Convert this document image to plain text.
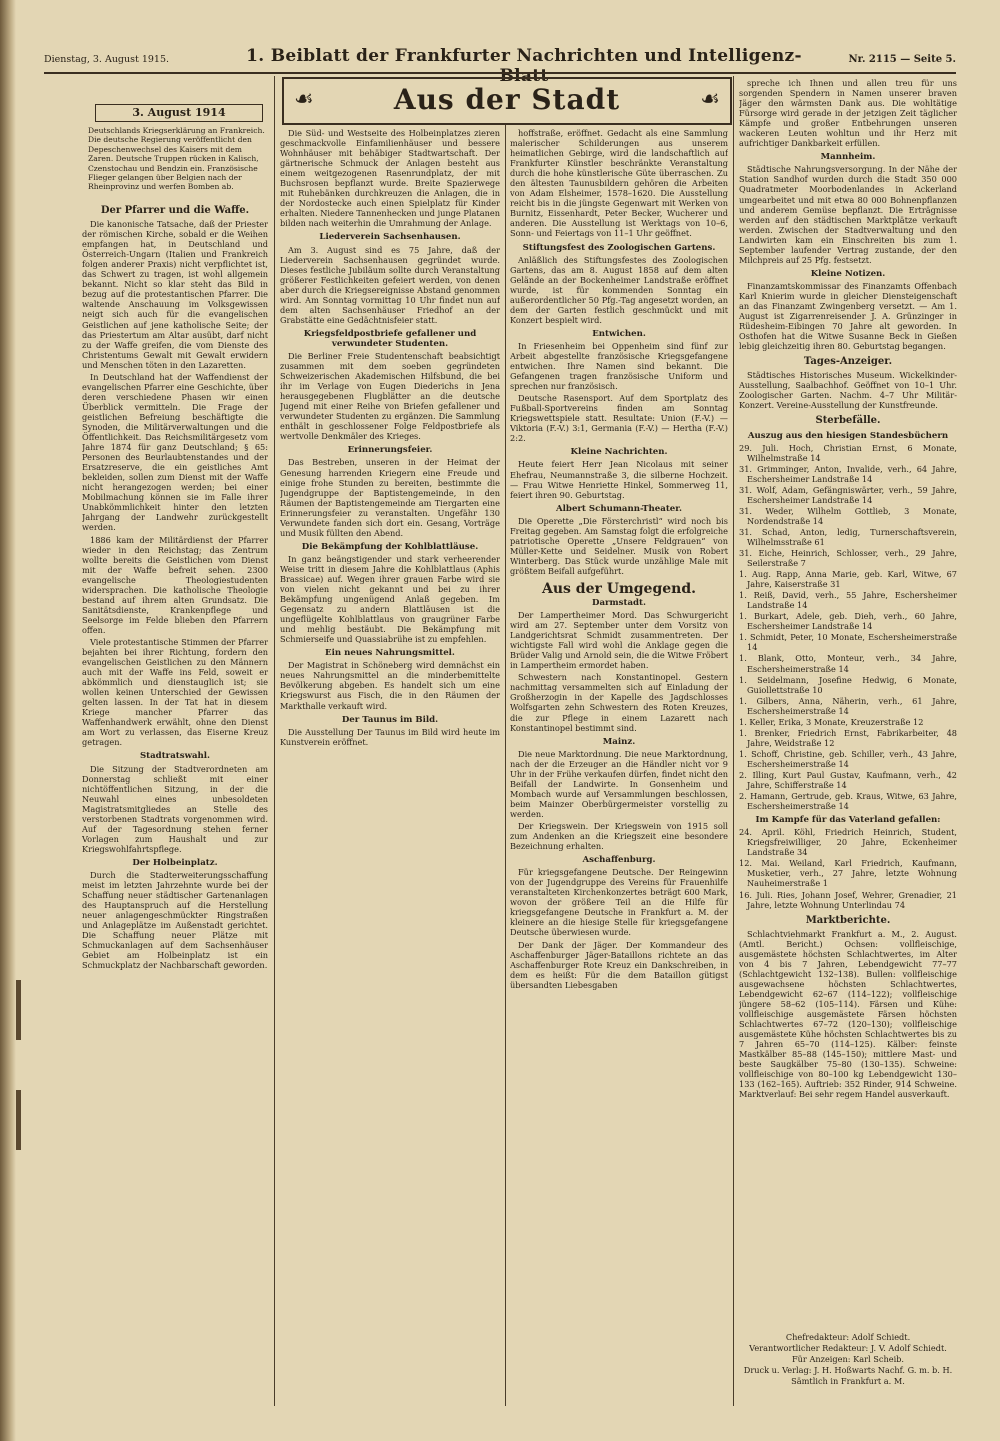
Dienstag, 3. August 1915.	1. Beiblatt der Frankfurter Nachrichten und Intelligenz-Blatt
Nr. 2115 — Seite 5.
3. August 1914
Deutschlands Kriegserklärung an Frankreich. Die deutsche Regierung veröffentlicht den Depeschenwechsel des Kaisers mit dem Zaren. Deutsche Truppen rücken in Kalisch, Czenstochau und Bendzin ein. Französische Flieger gelangen über Belgien nach der Rheinprovinz und werfen Bomben ab.
☙	Aus der Stadt	☙
Der Pfarrer und die Waffe.

Die kanonische Tatsache, daß der Priester der römischen Kirche, sobald er die Weihen empfangen hat, in Deutschland und Österreich-Ungarn (Italien und Frankreich folgen anderer Praxis) nicht verpflichtet ist, das Schwert zu tragen, ist wohl allgemein bekannt. Nicht so klar steht das Bild in bezug auf die protestantischen Pfarrer. Die waltende Anschauung im Volksgewissen neigt sich auch für die evangelischen Geistlichen auf jene katholische Seite; der das Priestertum am Altar ausübt, darf nicht zu der Waffe greifen, die vom Dienste des Christentums Gewalt mit Gewalt erwidern und Menschen töten in den Lazaretten.

In Deutschland hat der Waffendienst der evangelischen Pfarrer eine Geschichte, über deren verschiedene Phasen wir einen Überblick vermitteln. Die Frage der geistlichen Befreiung beschäftigte die Synoden, die Militärverwaltungen und die Öffentlichkeit. Das Reichsmilitärgesetz vom Jahre 1874 für ganz Deutschland; § 65: Personen des Beurlaubtenstandes und der Ersatzreserve, die ein geistliches Amt bekleiden, sollen zum Dienst mit der Waffe nicht herangezogen werden; bei einer Mobilmachung können sie im Falle ihrer Unabkömmlichkeit hinter den letzten Jahrgang der Landwehr zurückgestellt werden.

1886 kam der Militärdienst der Pfarrer wieder in den Reichstag; das Zentrum wollte bereits die Geistlichen vom Dienst mit der Waffe befreit sehen. 2300 evangelische Theologiestudenten widersprachen. Die katholische Theologie bestand auf ihrem alten Grundsatz. Die Sanitätsdienste, Krankenpflege und Seelsorge im Felde blieben den Pfarrern offen.

Viele protestantische Stimmen der Pfarrer bejahten bei ihrer Richtung, fordern den evangelischen Geistlichen zu den Männern auch mit der Waffe ins Feld, soweit er abkömmlich und dienstauglich ist; sie wollen keinen Unterschied der Gewissen gelten lassen. In der Tat hat in diesem Kriege mancher Pfarrer das Waffenhandwerk erwählt, ohne den Dienst am Wort zu verlassen, das Eiserne Kreuz getragen.

Stadtratswahl.

Die Sitzung der Stadtverordneten am Donnerstag schließt mit einer nichtöffentlichen Sitzung, in der die Neuwahl eines unbesoldeten Magistratsmitgliedes an Stelle des verstorbenen Stadtrats vorgenommen wird. Auf der Tagesordnung stehen ferner Vorlagen zum Haushalt und zur Kriegswohlfahrtspflege.

Der Holbeinplatz.

Durch die Stadterweiterungsschaffung meist im letzten Jahrzehnte wurde bei der Schaffung neuer städtischer Gartenanlagen des Hauptanspruch auf die Herstellung neuer anlagengeschmückter Ringstraßen und Anlageplätze im Außenstadt gerichtet. Die Schaffung neuer Plätze mit Schmuckanlagen auf dem Sachsenhäuser Gebiet am Holbeinplatz ist ein Schmuckplatz der Nachbarschaft geworden.

Die Süd- und Westseite des Holbeinplatzes zieren geschmackvolle Einfamilienhäuser und bessere Wohnhäuser mit behäbiger Stadtwartschaft. Der gärtnerische Schmuck der Anlagen besteht aus einem weitgezogenen Rasenrundplatz, der mit Buchsrosen bepflanzt wurde. Breite Spazierwege mit Ruhebänken durchkreuzen die Anlagen, die in der Nordostecke auch einen Spielplatz für Kinder erhalten. Niedere Tannenhecken und junge Platanen bilden nach weiterhin die Umrahmung der Anlage.

Liederverein Sachsenhausen.

Am 3. August sind es 75 Jahre, daß der Liederverein Sachsenhausen gegründet wurde. Dieses festliche Jubiläum sollte durch Veranstaltung größerer Festlichkeiten gefeiert werden, von denen aber durch die Kriegsereignisse Abstand genommen wird. Am Sonntag vormittag 10 Uhr findet nun auf dem alten Sachsenhäuser Friedhof an der Grabstätte eine Gedächtnisfeier statt.

Kriegsfeldpostbriefe gefallener und verwundeter Studenten.

Die Berliner Freie Studentenschaft beabsichtigt zusammen mit dem soeben gegründeten Schweizerischen Akademischen Hilfsbund, die bei ihr im Verlage von Eugen Diederichs in Jena herausgegebenen Flugblätter an die deutsche Jugend mit einer Reihe von Briefen gefallener und verwundeter Studenten zu ergänzen. Die Sammlung enthält in geschlossener Folge Feldpostbriefe als wertvolle Denkmäler des Krieges.

Erinnerungsfeier.

Das Bestreben, unseren in der Heimat der Genesung harrenden Kriegern eine Freude und einige frohe Stunden zu bereiten, bestimmte die Jugendgruppe der Baptistengemeinde, in den Räumen der Baptistengemeinde am Tiergarten eine Erinnerungsfeier zu veranstalten. Ungefähr 130 Verwundete fanden sich dort ein. Gesang, Vorträge und Musik füllten den Abend.

Die Bekämpfung der Kohlblattläuse.

In ganz beängstigender und stark verheerender Weise tritt in diesem Jahre die Kohlblattlaus (Aphis Brassicae) auf. Wegen ihrer grauen Farbe wird sie von vielen nicht gekannt und bei zu ihrer Bekämpfung ungenügend Anlaß gegeben. Im Gegensatz zu andern Blattläusen ist die ungeflügelte Kohlblattlaus von graugrüner Farbe und mehlig bestäubt. Die Bekämpfung mit Schmierseife und Quassiabrühe ist zu empfehlen.

Ein neues Nahrungsmittel.

Der Magistrat in Schöneberg wird demnächst ein neues Nahrungsmittel an die minderbemittelte Bevölkerung abgeben. Es handelt sich um eine Kriegswurst aus Fisch, die in den Räumen der Markthalle verkauft wird.

Der Taunus im Bild.

Die Ausstellung Der Taunus im Bild wird heute im Kunstverein eröffnet.

hoffstraße, eröffnet. Gedacht als eine Sammlung malerischer Schilderungen aus unserem heimatlichen Gebirge, wird die landschaftlich auf Frankfurter Künstler beschränkte Veranstaltung durch die hohe künstlerische Güte überraschen. Zu den ältesten Taunusbildern gehören die Arbeiten von Adam Elsheimer, 1578–1620. Die Ausstellung reicht bis in die jüngste Gegenwart mit Werken von Burnitz, Eissenhardt, Peter Becker, Wucherer und anderen. Die Ausstellung ist Werktags von 10–6, Sonn- und Feiertags von 11–1 Uhr geöffnet.

Stiftungsfest des Zoologischen Gartens.

Anläßlich des Stiftungsfestes des Zoologischen Gartens, das am 8. August 1858 auf dem alten Gelände an der Bockenheimer Landstraße eröffnet wurde, ist für kommenden Sonntag ein außerordentlicher 50 Pfg.-Tag angesetzt worden, an dem der Garten festlich geschmückt und mit Konzert bespielt wird.

Entwichen.

In Friesenheim bei Oppenheim sind fünf zur Arbeit abgestellte französische Kriegsgefangene entwichen. Ihre Namen sind bekannt. Die Gefangenen tragen französische Uniform und sprechen nur französisch.

Deutsche Rasensport. Auf dem Sportplatz des Fußball-Sportvereins finden am Sonntag Kriegswettspiele statt. Resultate: Union (F.-V.) — Viktoria (F.-V.) 3:1, Germania (F.-V.) — Hertha (F.-V.) 2:2.

Kleine Nachrichten.

Heute feiert Herr Jean Nicolaus mit seiner Ehefrau, Neumannstraße 3, die silberne Hochzeit. — Frau Witwe Henriette Hinkel, Sommerweg 11, feiert ihren 90. Geburtstag.

Albert Schumann-Theater.

Die Operette „Die Försterchristl“ wird noch bis Freitag gegeben. Am Samstag folgt die erfolgreiche patriotische Operette „Unsere Feldgrauen“ von Müller-Kette und Seidelner. Musik von Robert Winterberg. Das Stück wurde unzählige Male mit größtem Beifall aufgeführt.

Aus der Umgegend.
Darmstadt.

Der Lampertheimer Mord. Das Schwurgericht wird am 27. September unter dem Vorsitz von Landgerichtsrat Schmidt zusammentreten. Der wichtigste Fall wird wohl die Anklage gegen die Brüder Valig und Arnold sein, die die Witwe Fröbert in Lampertheim ermordet haben.

Schwestern nach Konstantinopel. Gestern nachmittag versammelten sich auf Einladung der Großherzogin in der Kapelle des Jagdschlosses Wolfsgarten zehn Schwestern des Roten Kreuzes, die zur Pflege in einem Lazarett nach Konstantinopel bestimmt sind.

Mainz.

Die neue Marktordnung. Die neue Marktordnung, nach der die Erzeuger an die Händler nicht vor 9 Uhr in der Frühe verkaufen dürfen, findet nicht den Beifall der Landwirte. In Gonsenheim und Mombach wurde auf Versammlungen beschlossen, beim Mainzer Oberbürgermeister vorstellig zu werden.

Der Kriegswein. Der Kriegswein von 1915 soll zum Andenken an die Kriegszeit eine besondere Bezeichnung erhalten.

Aschaffenburg.

Für kriegsgefangene Deutsche. Der Reingewinn von der Jugendgruppe des Vereins für Frauenhilfe veranstalteten Kirchenkonzertes beträgt 600 Mark, wovon der größere Teil an die Hilfe für kriegsgefangene Deutsche in Frankfurt a. M. der kleinere an die hiesige Stelle für kriegsgefangene Deutsche überwiesen wurde.

Der Dank der Jäger. Der Kommandeur des Aschaffenburger Jäger-Bataillons richtete an das Aschaffenburger Rote Kreuz ein Dankschreiben, in dem es heißt: Für die dem Bataillon gütigst übersandten Liebesgaben

spreche ich Ihnen und allen treu für uns sorgenden Spendern in Namen unserer braven Jäger den wärmsten Dank aus. Die wohltätige Fürsorge wird gerade in der jetzigen Zeit täglicher Kämpfe und großer Entbehrungen unseren wackeren Leuten wohltun und ihr Herz mit aufrichtiger Dankbarkeit erfüllen.

Mannheim.

Städtische Nahrungsversorgung. In der Nähe der Station Sandhof wurden durch die Stadt 350 000 Quadratmeter Moorbodenlandes in Ackerland umgearbeitet und mit etwa 80 000 Bohnenpflanzen und anderem Gemüse bepflanzt. Die Erträgnisse werden auf den städtischen Marktplätze verkauft werden. Zwischen der Stadtverwaltung und den Landwirten kam ein Einschreiten bis zum 1. September laufender Vertrag zustande, der den Milchpreis auf 25 Pfg. festsetzt.

Kleine Notizen.

Finanzamtskommissar des Finanzamts Offenbach Karl Knierim wurde in gleicher Diensteigenschaft an das Finanzamt Zwingenberg versetzt. — Am 1. August ist Zigarrenreisender J. A. Grünzinger in Rüdesheim-Eibingen 70 Jahre alt geworden. In Osthofen hat die Witwe Susanne Beck in Gießen lebig gleichzeitig ihren 80. Geburtstag begangen.

Tages-Anzeiger.

Städtisches Historisches Museum. Wickelkinder-Ausstellung, Saalbachhof. Geöffnet von 10–1 Uhr. Zoologischer Garten. Nachm. 4–7 Uhr Militär-Konzert. Vereine-Ausstellung der Kunstfreunde.

Sterbefälle.
Auszug aus den hiesigen Standesbüchern

29. Juli. Hoch, Christian Ernst, 6 Monate, Wilhelmstraße 14

31. Grimminger, Anton, Invalide, verh., 64 Jahre, Eschersheimer Landstraße 14

31. Wolf, Adam, Gefängniswärter, verh., 59 Jahre, Eschersheimer Landstraße 14

31. Weder, Wilhelm Gottlieb, 3 Monate, Nordendstraße 14

31. Schad, Anton, ledig, Turnerschaftsverein, Wilhelmsstraße 61

31. Eiche, Heinrich, Schlosser, verh., 29 Jahre, Seilerstraße 7

1. Aug. Rapp, Anna Marie, geb. Karl, Witwe, 67 Jahre, Kaiserstraße 31

1. Reiß, David, verh., 55 Jahre, Eschersheimer Landstraße 14

1. Burkart, Adele, geb. Dieh, verh., 60 Jahre, Eschersheimer Landstraße 14

1. Schmidt, Peter, 10 Monate, Eschersheimerstraße 14

1. Blank, Otto, Monteur, verh., 34 Jahre, Eschersheimerstraße 14

1. Seidelmann, Josefine Hedwig, 6 Monate, Guiollettstraße 10

1. Gilbers, Anna, Näherin, verh., 61 Jahre, Eschersheimerstraße 14

1. Keller, Erika, 3 Monate, Kreuzerstraße 12

1. Brenker, Friedrich Ernst, Fabrikarbeiter, 48 Jahre, Weidstraße 12

1. Schoff, Christine, geb. Schiller, verh., 43 Jahre, Eschersheimerstraße 14

2. Illing, Kurt Paul Gustav, Kaufmann, verh., 42 Jahre, Schifferstraße 14

2. Hamann, Gertrude, geb. Kraus, Witwe, 63 Jahre, Eschersheimerstraße 14

Im Kampfe für das Vaterland gefallen:

24. April. Köhl, Friedrich Heinrich, Student, Kriegsfreiwilliger, 20 Jahre, Eckenheimer Landstraße 34

12. Mai. Weiland, Karl Friedrich, Kaufmann, Musketier, verh., 27 Jahre, letzte Wohnung Nauheimerstraße 1

16. Juli. Ries, Johann Josef, Wehrer, Grenadier, 21 Jahre, letzte Wohnung Unterlindau 74

Marktberichte.

Schlachtviehmarkt Frankfurt a. M., 2. August. (Amtl. Bericht.) Ochsen: vollfleischige, ausgemästete höchsten Schlachtwertes, im Alter von 4 bis 7 Jahren, Lebendgewicht 77–77 (Schlachtgewicht 132–138). Bullen: vollfleischige ausgewachsene höchsten Schlachtwertes, Lebendgewicht 62–67 (114–122); vollfleischige jüngere 58–62 (105–114). Färsen und Kühe: vollfleischige ausgemästete Färsen höchsten Schlachtwertes 67–72 (120–130); vollfleischige ausgemästete Kühe höchsten Schlachtwertes bis zu 7 Jahren 65–70 (114–125). Kälber: feinste Mastkälber 85–88 (145–150); mittlere Mast- und beste Saugkälber 75–80 (130–135). Schweine: vollfleischige von 80–100 kg Lebendgewicht 130–133 (162–165). Auftrieb: 352 Rinder, 914 Schweine. Marktverlauf: Bei sehr regem Handel ausverkauft.

Chefredakteur: Adolf Schiedt.
Verantwortlicher Redakteur: J. V. Adolf Schiedt.
Für Anzeigen: Karl Scheib.
Druck u. Verlag: J. H. Hoßwarts Nachf. G. m. b. H.
Sämtlich in Frankfurt a. M.
